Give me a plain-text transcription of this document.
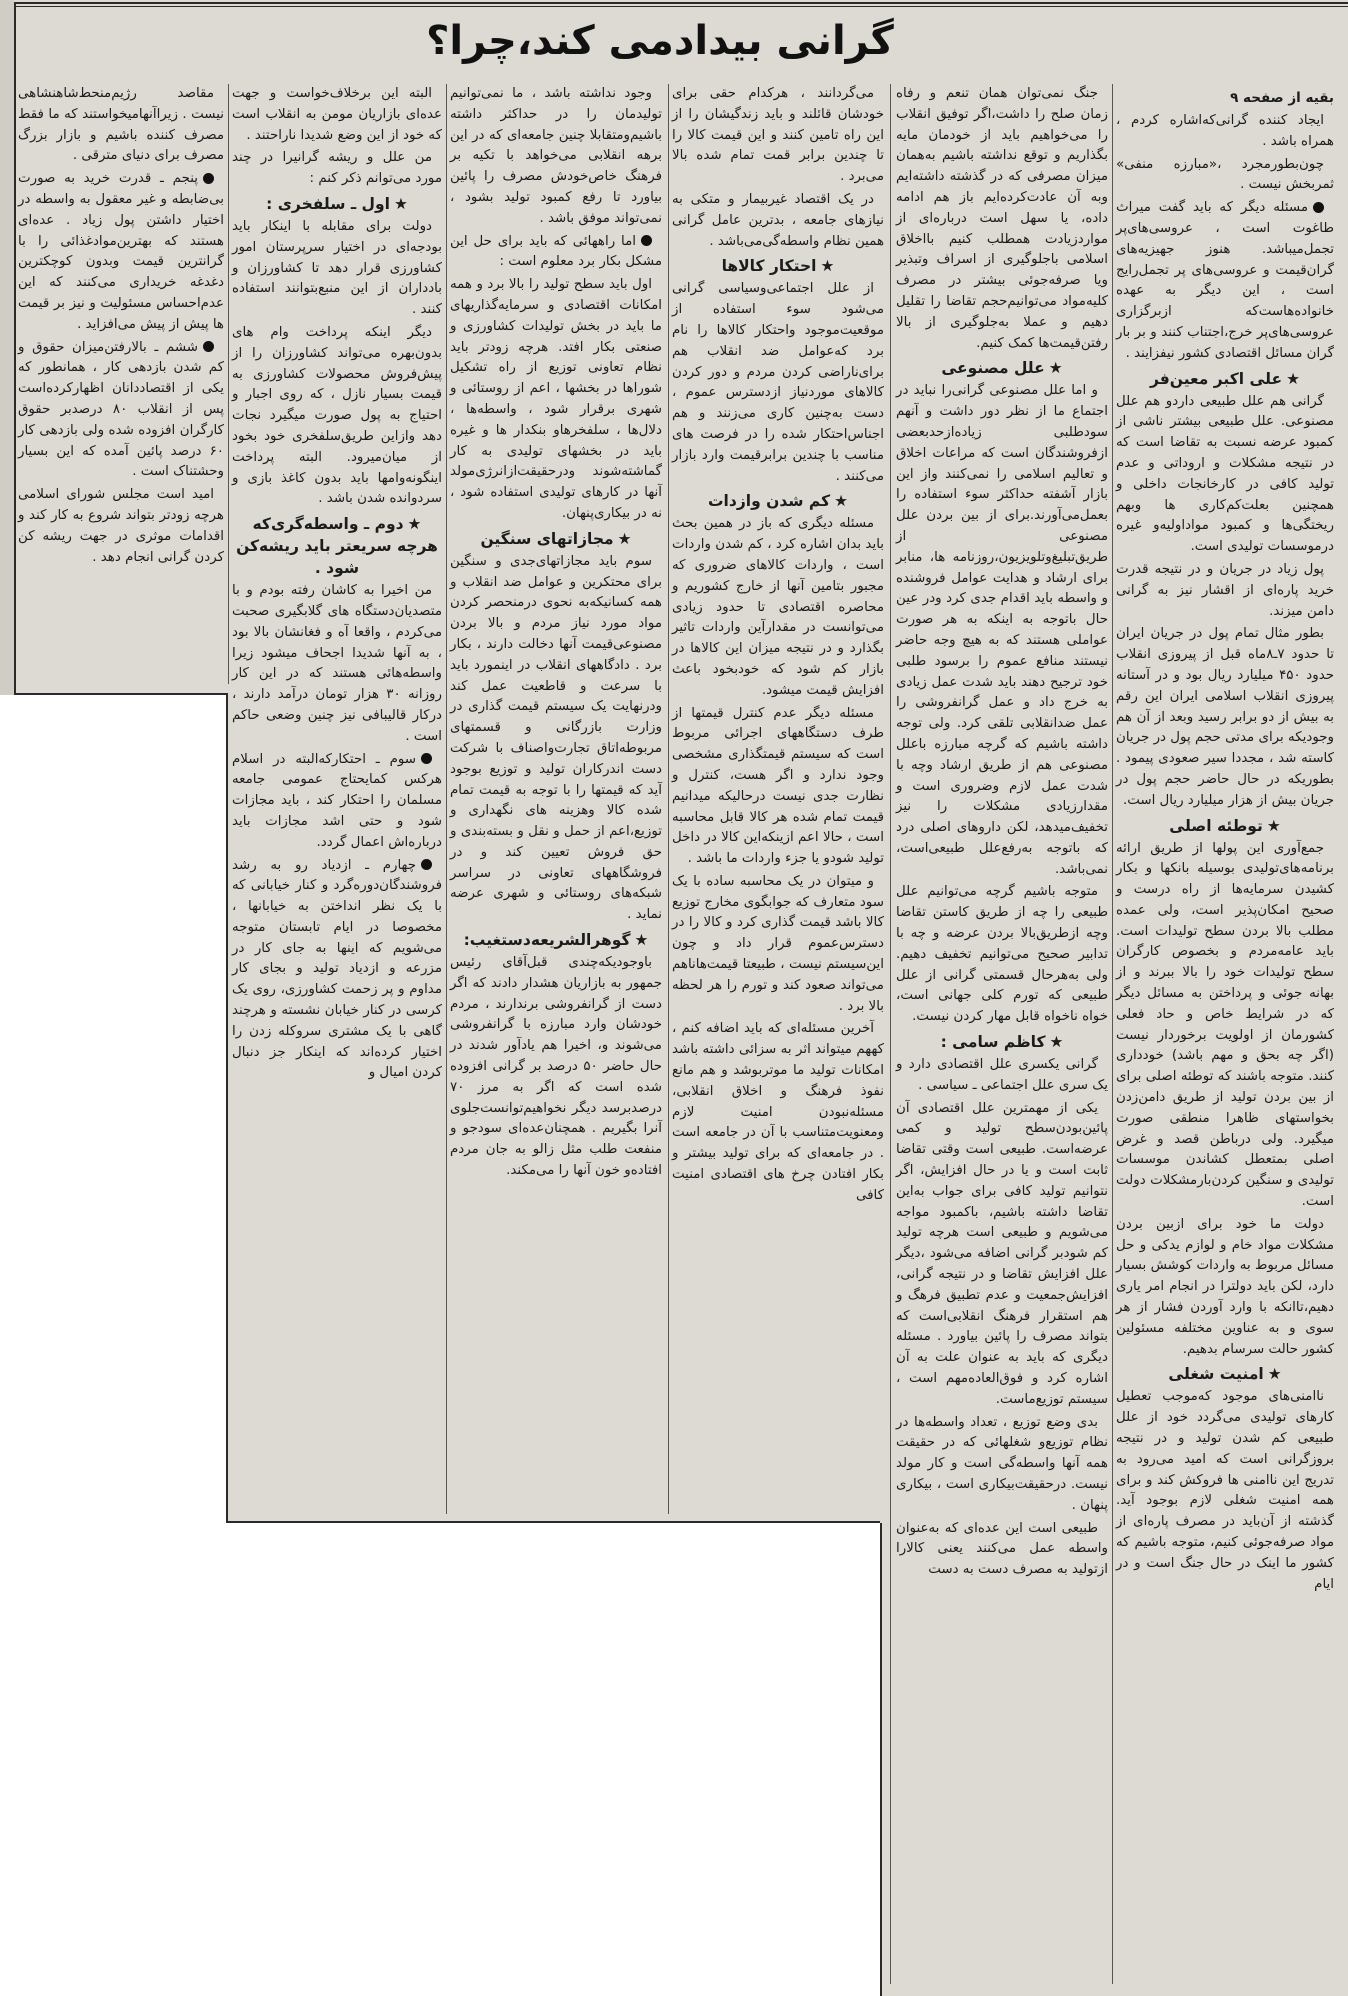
گرانی بیدادمی کند،چرا؟
بقیه از صفحه ۹

ایجاد کننده گرانی‌که‌اشاره کردم ، همراه باشد .

چون‌بطور‌مجرد ،«مبارزه منفی» ثمربخش نیست .

مسئله دیگر که باید گفت میراث طاغوت است ، عروسی‌های‌پر تجمل‌میباشد. هنوز جهیزیه‌های گران‌قیمت و عروسی‌های پر تجمل‌رایج است ، این دیگر به عهده خانواده‌هاست‌که ازبرگزاری عروسی‌های‌پر خرج،اجتناب کنند و بر بار گران مسائل اقتصادی کشور نیفزایند .

★علی اکبر معین‌فر

گرانی هم علل طبیعی داردو هم علل مصنوعی. علل طبیعی بیشتر ناشی از کمبود عرضه نسبت به تقاضا است که در نتیجه مشکلات و اروداتی و عدم تولید کافی در کارخانجات داخلی و همچنین بعلت‌کم‌کاری ها وبهم ریختگی‌ها و کمبود موادا‌ولیه‌و غیره درموسسات تولیدی است.

پول زیاد در جریان و در نتیجه قدرت خرید پاره‌ای از اقشار نیز به گرانی دامن میزند.

بطور مثال تمام پول در جریان ایران تا حدود ۷ـ۸ماه قبل از پیروزی انقلاب حدود ۴۵۰ میلیارد ریال بود و در آستانه پیروزی انقلاب اسلامی ایران این رقم به بیش از دو برابر رسید وبعد از آن هم وجودیکه برای مدتی حجم پول در جریان کاسته شد ، مجددا سیر صعودی پیمود . بطوریکه در حال حاضر حجم پول در جریان بیش از هزار میلیارد ریال است.

★توطئه اصلی

جمع‌آوری این پولها از طریق ارائه برنامه‌های‌تولیدی بوسیله بانکها و بکار کشیدن سرمایه‌ها از راه درست و صحیح امکان‌پذیر است، ولی عمده مطلب بالا بردن سطح تولیدات است. باید عامه‌مردم و بخصوص کارگران سطح تولیدات خود را بالا ببرند و از بهانه جوئی و پرداختن به مسائل دیگر که در شرایط خاص و حاد فعلی کشورمان از اولویت برخوردار نیست (اگر چه بحق و مهم باشد) خودداری کنند. متوجه باشند که توطئه اصلی برای از بین بردن تولید از طریق دامن‌زدن بخواستهای ظاهرا منطقی صورت میگیرد. ولی درباطن قصد و غرض اصلی بمتعطل کشاندن موسسات تولیدی و سنگین کردن‌بار‌مشکلات دولت است.

دولت ما خود برای ازبین بردن مشکلات مواد خام و لوازم یدکی و حل مسائل مربوط به واردات کوشش بسیار دارد، لکن باید دولترا در انجام امر یاری دهیم،تاانکه با وارد آوردن فشار از هر سوی و به عناوین مختلفه مسئولین کشور حالت سرسام بدهیم.

★امنیت شغلی

ناامنی‌های موجود که‌موجب تعطیل کارهای تولیدی می‌گردد خود از علل طبیعی کم شدن تولید و در نتیجه بروزگرانی است که امید می‌رود به تدریج این ناامنی ها فروکش کند و برای همه امنیت شغلی لازم بوجود آید. گذشته از آن‌باید در مصرف پاره‌ای از مواد صرفه‌جوئی کنیم، متوجه باشیم که کشور ما اینک در حال جنگ است و در ایام

جنگ نمی‌توان همان تنعم و رفاه زمان صلح را داشت،اگر توفیق انقلاب را می‌خواهیم باید از خودمان مایه بگذاریم و توقع نداشته باشیم به‌همان میزان مصرفی که در گذشته داشته‌ایم وبه آن عادت‌کرده‌ایم باز هم ادامه داده، یا سهل است درباره‌ای از مواردزیادت همطلب کنیم بااخلاق اسلامی باجلوگیری از اسراف وتبذیر ویا صرفه‌جوئی بیشتر در مصرف کلیه‌مواد می‌توانیم‌حجم تقاضا را تقلیل دهیم و عملا به‌جلوگیری از بالا رفتن‌قیمت‌ها کمک کنیم.

★علل مصنوعی

و اما علل مصنوعی گرانی‌را نباید در اجتماع ما از نظر دور داشت و آنهم سودطلبی زیاده‌ازحدبعضی ازفروشندگان است که مراعات اخلاق و تعالیم اسلامی را نمی‌کنند واز این بازار آشفته حداکثر سوء استفاده را بعمل‌می‌آورند.برای از بین بردن علل مصنوعی از طریق‌تبلیغ‌و‌تلویزیون،روزنامه ها، منابر برای ارشاد و هدایت عوامل فروشنده و واسطه باید اقدام جدی کرد ودر عین حال باتوجه به اینکه به هر صورت عواملی هستند که به هیچ وجه حاضر نیستند منافع عموم را برسود طلبی خود ترجیح دهند باید شدت عمل زیادی به خرج داد و عمل گرانفروشی را عمل ضدانقلابی تلقی کرد. ولی توجه داشته باشیم که گرچه مبارزه باعلل مصنوعی هم از طریق ارشاد وچه با شدت عمل لازم وضروری است و مقدارزیادی مشکلات را نیز تخفیف‌میدهد، لکن داروهای اصلی درد که باتوجه به‌رفع‌علل طبیعی‌است، نمی‌باشد.

متوجه باشیم گرچه می‌توانیم علل طبیعی را چه از طریق کاستن تقاضا وچه ازطریق‌بالا بردن عرضه و چه با تدابیر صحیح می‌توانیم تخفیف دهیم. ولی به‌هرحال قسمتی گرانی از علل طبیعی که تورم کلی جهانی است، خواه ناخواه قابل مهار کردن نیست.

★کاظم سامی :

گرانی یکسری علل اقتصادی دارد و یک سری علل اجتماعی ـ سیاسی .

یکی از مهمترین علل اقتصادی آن پائین‌بودن‌سطح تولید و کمی عرضه‌است. طبیعی است وقتی تقاضا ثابت است و یا در حال افزایش، اگر نتوانیم تولید کافی برای جواب به‌این تقاضا داشته باشیم، باکمبود مواجه می‌شویم و طبیعی است هرچه تولید کم شود‌بر گرانی اضافه می‌شود ،دیگر علل افزایش تقاضا و در نتیجه گرانی، افزایش‌جمعیت و عدم تطبیق فرهگ و هم استقرار فرهنگ انقلابی‌است که بتواند مصرف را پائین بیاورد . مسئله دیگری که باید به عنوان علت به آن اشاره کرد و فوق‌العاده‌مهم است ، سیستم توزیع‌ماست.

بدی وضع توزیع ، تعداد واسطه‌ها در نظام توزیع‌و شغلهائی که در حقیقت همه آنها واسطه‌گی است و کار مولد نیست. درحقیقت‌بیکاری است ، بیکاری پنهان .

طبیعی است این عده‌ای که به‌عنوان واسطه عمل می‌کنند یعنی کالارا ازتولید به مصرف دست به دست

می‌گردانند ، هرکدام حقی برای خودشان قائلند و باید زندگیشان را از این راه تامین کنند و این قیمت کالا را تا چندین برابر قمت تمام شده بالا می‌برد .

در یک اقتصاد غیربیمار و متکی به نیازهای جامعه ، بدترین عامل گرانی همین نظام واسطه‌گی‌می‌باشد .

★احتکار کالاها

از علل اجتماعی‌وسیاسی گرانی می‌شود سوء استفاده از موقعیت‌موجود واحتکار کالاها را نام برد که‌عوامل ضد انقلاب هم برای‌ناراضی کردن مردم و دور کردن کالاهای موردنیاز ازدسترس عموم ، دست به‌چنین کاری می‌زنند و هم اجناس‌احتکار شده را در فرصت های مناسب با چندین برابرقیمت وارد بازار می‌کنند .

★کم شدن وازدات

مسئله دیگری که باز در همین بحث باید بدان اشاره کرد ، کم شدن واردات است ، واردات کالاهای ضروری که مجبور بتامین آنها از خارج کشوریم و محاصره اقتصادی تا حدود زیادی می‌توانست در مقدارآین واردات تاثیر بگذارد و در نتیجه میزان این کالاها در بازار کم شود که خودبخود باعث افزایش قیمت میشود.

مسئله دیگر عدم کنترل قیمتها از طرف دستگاههای اجرائی مربوط است که سیستم قیمتگذاری مشخصی وجود ندارد و اگر هست، کنترل و نظارت جدی نیست درحالیکه میدانیم قیمت تمام شده هر کالا قابل محاسبه است ، حالا اعم ازینکه‌این کالا در داخل تولید شودو یا جزء واردات ما باشد .

و میتوان در یک محاسبه ساده با یک سود متعارف که جوابگوی مخارج توزیع کالا باشد قیمت گذاری کرد و کالا را در دسترس‌عموم قرار داد و چون این‌سیستم نیست ، طبیعتا قیمت‌هاناهم می‌تواند صعود کند و تورم را هر لحظه بالا برد .

آخرین مسئله‌ای که باید اضافه کنم ، کههم میتواند اثر به سزائی داشته باشد امکانات تولید ما موتربوشد و هم مانع نفوذ فرهنگ و اخلاق انقلابی، مسئله‌نبودن امنیت لازم ومعنویت‌متناسب با آن در جامعه است . در جامعه‌ای که برای تولید بیشتر و بکار افتادن چرخ های اقتصادی امنیت کافی

وجود نداشته باشد ، ما نمی‌توانیم تولیدمان را در حداکثر داشته باشیم‌ومتقابلا چنین جامعه‌ای که در این برهه انقلابی می‌خواهد با تکیه بر فرهنگ خاص‌خودش مصرف را پائین بیاورد تا رفع کمبود تولید بشود ، نمی‌تواند موفق باشد .

اما راههائی که باید برای حل این مشکل بکار برد معلوم است :

اول باید سطح تولید را بالا برد و همه امکانات اقتصادی و سرمایه‌گذاریهای ما باید در بخش تولیدات کشاورزی و صنعتی بکار افتد. هرچه زودتر باید نظام تعاونی توزیع از راه تشکیل شوراها در بخشها ، اعم از روستائی و شهری برقرار شود ، واسطه‌ها ، دلال‌ها ، سلفخرها‌و بنکدار ها و غیره باید در بخشهای تولیدی به کار گماشته‌شوند و‌درحقیقت‌ازانرژی‌مولد آنها در کارهای تولیدی استفاده شود ، نه در بیکاری‌پنهان.

★مجازاتهای سنگین

سوم باید مجازاتهای‌جدی و سنگین برای محتکرین و عوامل ضد انقلاب و همه کسانیکه‌به نحوی درمنحصر کردن مواد مورد نیاز مردم و بالا بردن مصنوعی‌قیمت آنها دخالت دارند ، بکار برد . دادگاههای انقلاب در اینمورد باید با سرعت و قاطعیت عمل کند ودرنهایت یک سیستم قیمت گذاری در وزارت بازرگانی و قسمتهای مربوطه‌اتاق تجارت‌و‌اصناف با شرکت دست اندرکاران تولید و توزیع بوجود آید که قیمتها را با توجه به قیمت تمام شده کالا وهزینه های نگهداری و توزیع،اعم از حمل و نقل و بسته‌بندی و حق فروش تعیین کند و در فروشگاههای تعاونی در سراسر شبکه‌های روستائی و شهری عرضه نماید .

★گوهرالشریعه‌دستغیب:

باوجودیکه‌چندی قبل‌آقای رئیس جمهور به بازاریان هشدار دادند که اگر دست از گرانفروشی برندارند ، مردم خودشان وارد مبارزه با گرانفروشی می‌شوند و، اخیرا هم یادآور شدند در حال حاضر ۵۰ درصد بر گرانی افزوده شده است که اگر به مرز ۷۰ درصد‌برسد دیگر نخواهیم‌توانست‌جلوی آنرا بگیریم . همچنان‌عده‌ای سودجو و منفعت طلب مثل زالو به جان مردم افتاده‌و خون آنها را می‌مکند.

البته این برخلاف‌خواست و جهت عده‌ای بازاریان مومن به انقلاب است که خود از این وضع شدیدا ناراحتند .

من علل و ریشه گرانیرا در چند مورد می‌توانم ذکر کنم :

★اول ـ سلفخری :

دولت برای مقابله با اینکار باید بودجه‌ای در اختیار سرپرستان امور کشاورزی قرار دهد تا کشاورزان و بادداران از این منبع‌بتوانند استفاده کنند .

دیگر اینکه پرداخت وام های بدون‌بهره می‌تواند کشاورزان را از پیش‌فروش محصولات کشاورزی به قیمت بسیار نازل ، که روی اجبار و احتیاج به پول صورت میگیرد نجات دهد وازاین طریق‌سلفخری خود بخود از میان‌میرود. البته پرداخت اینگونه‌وامها باید بدون کاغذ بازی و سردوانده شدن باشد .

★دوم ـ واسطه‌گری‌که هرچه سریعتر باید ریشه‌کن شود .

من اخیرا به کاشان رفته بودم و با متصدیان‌دستگاه های گلابگیری صحبت می‌کردم ، واقعا آه و فغانشان بالا بود ، به آنها شدیدا اجحاف میشود زیرا واسطه‌هائی هستند که در این کار روزانه ۳۰ هزار تومان درآمد دارند ، درکار قالیبافی نیز چنین وضعی حاکم است .

سوم ـ احتکار‌که‌البته در اسلام هرکس کمایحتاج عمومی جامعه مسلمان را احتکار کند ، باید مجازات شود و حتی اشد مجازات باید درباره‌اش اعمال گردد.

چهارم ـ ازدیاد رو به رشد فروشندگان‌دوره‌گرد و کنار خیابانی که با یک نظر انداختن به خیابانها ، مخصوصا در ایام تابستان متوجه می‌شویم که اینها به جای کار در مزرعه و ازدیاد تولید و بجای کار مداوم و پر زحمت کشاورزی، روی یک کرسی در کنار خیابان نشسته و هرچند گاهی با یک مشتری سروکله زدن را اختیار کرده‌اند که اینکار جز دنبال کردن امیال و

مقاصد رژیم‌منحط‌شاهنشاهی نیست . زیراآنهامیخواستند که ما فقط مصرف کننده باشیم و بازار بزرگ مصرف برای دنیای مترقی .

پنجم ـ قدرت خرید به صورت بی‌ضابطه و غیر معقول به واسطه در اختیار داشتن پول زیاد . عده‌ای هستند که بهترین‌مواد‌غذائی را با گرانترین قیمت وبدون کوچکترین دغدغه خریداری می‌کنند که این عدم‌احساس مسئولیت و نیز بر قیمت ها پیش از پیش می‌افزاید .

ششم ـ بالارفتن‌میزان حقوق و کم شدن بازدهی کار ، همانطور که یکی از اقتصاددانان اظهارکرده‌است پس از انقلاب ۸۰ درصدبر حقوق کارگران افزوده شده ولی بازدهی کار ۶۰ درصد پائین آمده که این بسیار وحشتناک است .

امید است مجلس شورای اسلامی هرچه زودتر بتواند شروع به کار کند و اقدامات موثری در جهت ریشه کن کردن گرانی انجام دهد .
